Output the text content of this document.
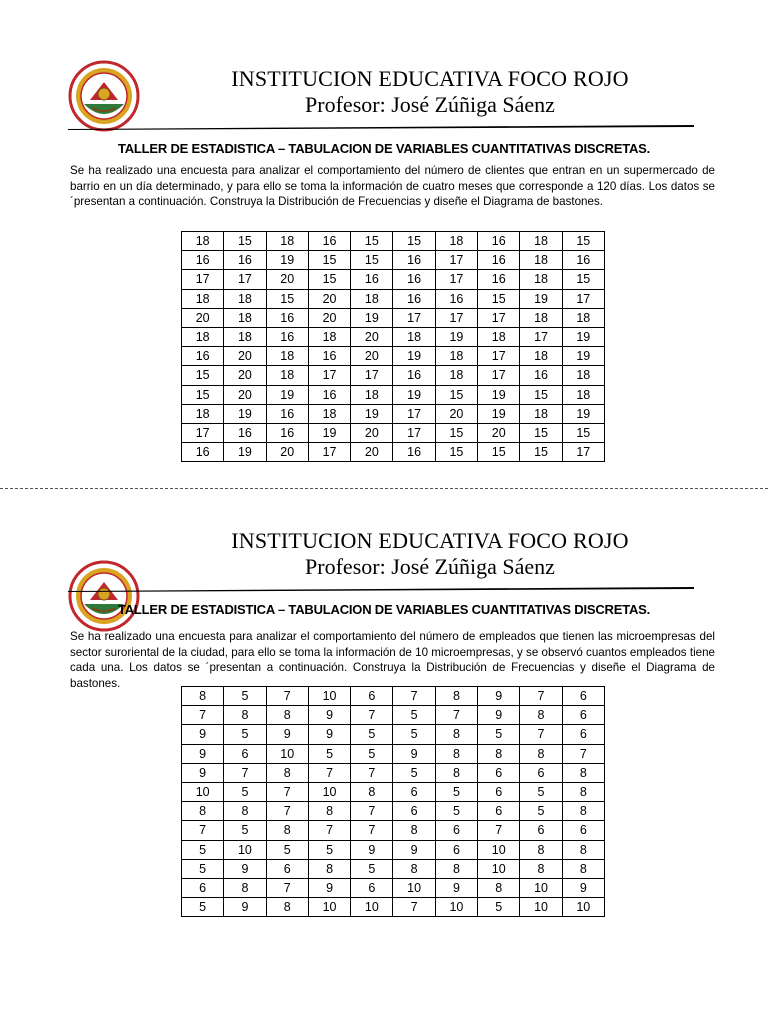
INSTITUCION EDUCATIVA FOCO ROJO
Profesor: José Zúñiga Sáenz
TALLER DE ESTADISTICA – TABULACION DE VARIABLES CUANTITATIVAS DISCRETAS.
Se ha realizado una encuesta para analizar el comportamiento del número de clientes que entran en un supermercado de barrio en un día determinado, y para ello se toma la información de cuatro meses que corresponde a 120 días. Los datos se ´presentan a continuación. Construya la Distribución de Frecuencias y diseñe el Diagrama de bastones.
18	15	18	16	15	15	18	16	18	15
16	16	19	15	15	16	17	16	18	16
17	17	20	15	16	16	17	16	18	15
18	18	15	20	18	16	16	15	19	17
20	18	16	20	19	17	17	17	18	18
18	18	16	18	20	18	19	18	17	19
16	20	18	16	20	19	18	17	18	19
15	20	18	17	17	16	18	17	16	18
15	20	19	16	18	19	15	19	15	18
18	19	16	18	19	17	20	19	18	19
17	16	16	19	20	17	15	20	15	15
16	19	20	17	20	16	15	15	15	17
INSTITUCION EDUCATIVA FOCO ROJO
Profesor: José Zúñiga Sáenz
TALLER DE ESTADISTICA – TABULACION DE VARIABLES CUANTITATIVAS DISCRETAS.
Se ha realizado una encuesta para analizar el comportamiento del número de empleados que tienen las microempresas del sector suroriental de la ciudad, para ello se toma la información de 10 microempresas, y se observó cuantos empleados tiene cada una. Los datos se ´presentan a continuación. Construya la Distribución de Frecuencias y diseñe el Diagrama de bastones.
8	5	7	10	6	7	8	9	7	6
7	8	8	9	7	5	7	9	8	6
9	5	9	9	5	5	8	5	7	6
9	6	10	5	5	9	8	8	8	7
9	7	8	7	7	5	8	6	6	8
10	5	7	10	8	6	5	6	5	8
8	8	7	8	7	6	5	6	5	8
7	5	8	7	7	8	6	7	6	6
5	10	5	5	9	9	6	10	8	8
5	9	6	8	5	8	8	10	8	8
6	8	7	9	6	10	9	8	10	9
5	9	8	10	10	7	10	5	10	10
